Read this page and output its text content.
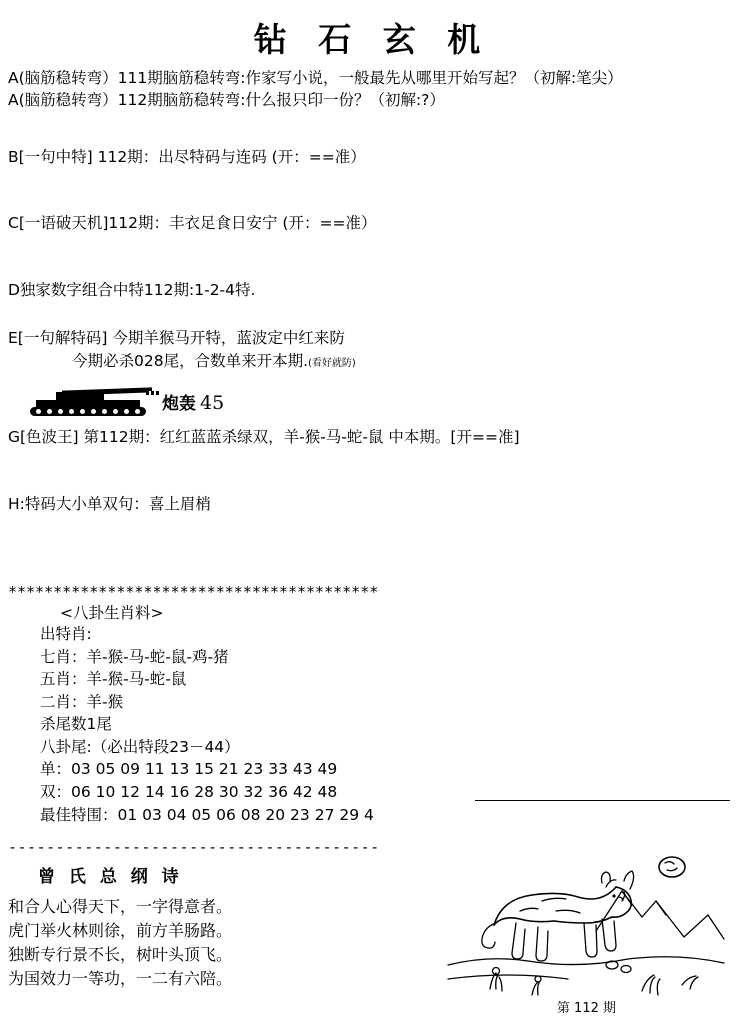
钻 石 玄 机
A(脑筋稳转弯）111期脑筋稳转弯:作家写小说，一般最先从哪里开始写起？（初解:笔尖）
A(脑筋稳转弯）112期脑筋稳转弯:什么报只印一份？（初解:?）
B[一句中特] 112期：出尽特码与连码 (开：==准）
C[一语破天机]112期：丰衣足食日安宁 (开：==准）
D独家数字组合中特112期:1-2-4特.
E[一句解特码] 今期羊猴马开特，蓝波定中红来防
今期必杀028尾，合数单来开本期.(看好就防)
炮轰 45
G[色波王] 第112期：红红蓝蓝杀绿双，羊-猴-马-蛇-鼠 中本期。[开==准]
H:特码大小单双句：喜上眉梢
*****************************************
<八卦生肖料>
出特肖:
七肖：羊-猴-马-蛇-鼠-鸡-猪
五肖：羊-猴-马-蛇-鼠
二肖：羊-猴
杀尾数1尾
八卦尾:（必出特段23－44）
单：03 05 09 11 13 15 21 23 33 43 49
双：06 10 12 14 16 28 30 32 36 42 48
最佳特围：01 03 04 05 06 08 20 23 27 29 4
---------------------------------------
曾 氏 总 纲 诗
和合人心得天下，一字得意者。
虎门举火林则徐，前方羊肠路。
独断专行景不长，树叶头顶飞。
为国效力一等功，一二有六陪。
第 112 期
